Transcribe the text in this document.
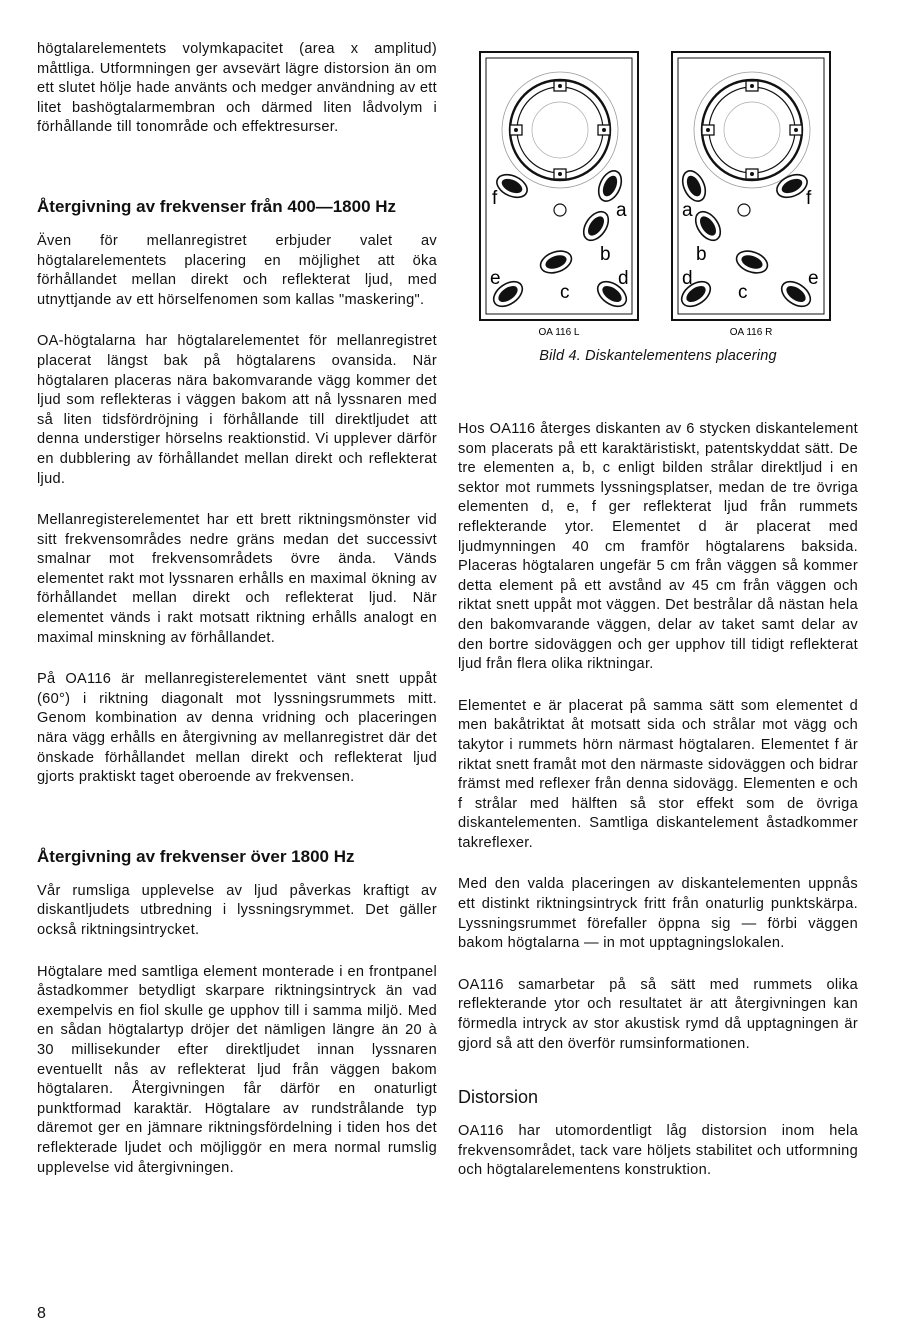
högtalarelementets volymkapacitet (area x amplitud) måttliga. Utformningen ger avsevärt lägre distorsion än om ett slutet hölje hade använts och medger användning av ett litet bashögtalarmembran och därmed liten lådvolym i förhållande till tonområde och effektresurser.

Återgivning av frekvenser från 400—1800 Hz

Även för mellanregistret erbjuder valet av högtalarelementets placering en möjlighet att öka förhållandet mellan direkt och reflekterat ljud, med utnyttjande av ett hörselfenomen som kallas "maskering".

OA-högtalarna har högtalarelementet för mellanregistret placerat längst bak på högtalarens ovansida. När högtalaren placeras nära bakomvarande vägg kommer det ljud som reflekteras i väggen bakom att nå lyssnaren med så liten tidsfördröjning i förhållande till direktljudet att denna understiger hörselns reaktionstid. Vi upplever därför en dubblering av förhållandet mellan direkt och reflekterat ljud.

Mellanregisterelementet har ett brett riktningsmönster vid sitt frekvensområdes nedre gräns medan det successivt smalnar mot frekvensområdets övre ända. Vänds elementet rakt mot lyssnaren erhålls en maximal ökning av förhållandet mellan direkt och reflekterat ljud. När elementet vänds i rakt motsatt riktning erhålls analogt en maximal minskning av förhållandet.

På OA116 är mellanregisterelementet vänt snett uppåt (60°) i riktning diagonalt mot lyssningsrummets mitt. Genom kombination av denna vridning och placeringen nära vägg erhålls en återgivning av mellanregistret där det önskade förhållandet mellan direkt och reflekterat ljud gjorts praktiskt taget oberoende av frekvensen.

Återgivning av frekvenser över 1800 Hz

Vår rumsliga upplevelse av ljud påverkas kraftigt av diskantljudets utbredning i lyssningsrymmet. Det gäller också riktningsintrycket.

Högtalare med samtliga element monterade i en frontpanel åstadkommer betydligt skarpare riktningsintryck än vad exempelvis en fiol skulle ge upphov till i samma miljö. Med en sådan högtalartyp dröjer det nämligen längre än 20 à 30 millisekunder efter direktljudet innan lyssnaren eventuellt nås av reflekterat ljud från väggen bakom högtalaren. Återgivningen får därför en onaturligt punktformad karaktär. Högtalare av rundstrålande typ däremot ger en jämnare riktningsfördelning i tiden hos det reflekterade ljudet och möjliggör en mera normal rumslig upplevelse vid återgivningen.

f
a
b
c
d
e
OA 116 L
a
f
b
c
d	e
OA 116 R
Bild 4. Diskantelementens placering

Hos OA116 återges diskanten av 6 stycken diskantelement som placerats på ett karaktäristiskt, patentskyddat sätt. De tre elementen a, b, c enligt bilden strålar direktljud i en sektor mot rummets lyssningsplatser, medan de tre övriga elementen d, e, f ger reflekterat ljud från rummets reflekterande ytor. Elementet d är placerat med ljudmynningen 40 cm framför högtalarens baksida. Placeras högtalaren ungefär 5 cm från väggen så kommer detta element på ett avstånd av 45 cm från väggen och riktat snett uppåt mot väggen. Det bestrålar då nästan hela den bakomvarande väggen, delar av taket samt delar av den bortre sidoväggen och ger upphov till tidigt reflekterat ljud från flera olika riktningar.

Elementet e är placerat på samma sätt som elementet d men bakåtriktat åt motsatt sida och strålar mot vägg och takytor i rummets hörn närmast högtalaren. Elementet f är riktat snett framåt mot den närmaste sidoväggen och bidrar främst med reflexer från denna sidovägg. Elementen e och f strålar med hälften så stor effekt som de övriga diskantelementen. Samtliga diskantelement åstadkommer takreflexer.

Med den valda placeringen av diskantelementen uppnås ett distinkt riktningsintryck fritt från onaturlig punktskärpa. Lyssningsrummet förefaller öppna sig — förbi väggen bakom högtalarna — in mot upptagningslokalen.

OA116 samarbetar på så sätt med rummets olika reflekterande ytor och resultatet är att återgivningen kan förmedla intryck av stor akustisk rymd då upptagningen är gjord så att den överför rumsinformationen.

Distorsion

OA116 har utomordentligt låg distorsion inom hela frekvensområdet, tack vare höljets stabilitet och utformning och högtalarelementens konstruktion.

8
